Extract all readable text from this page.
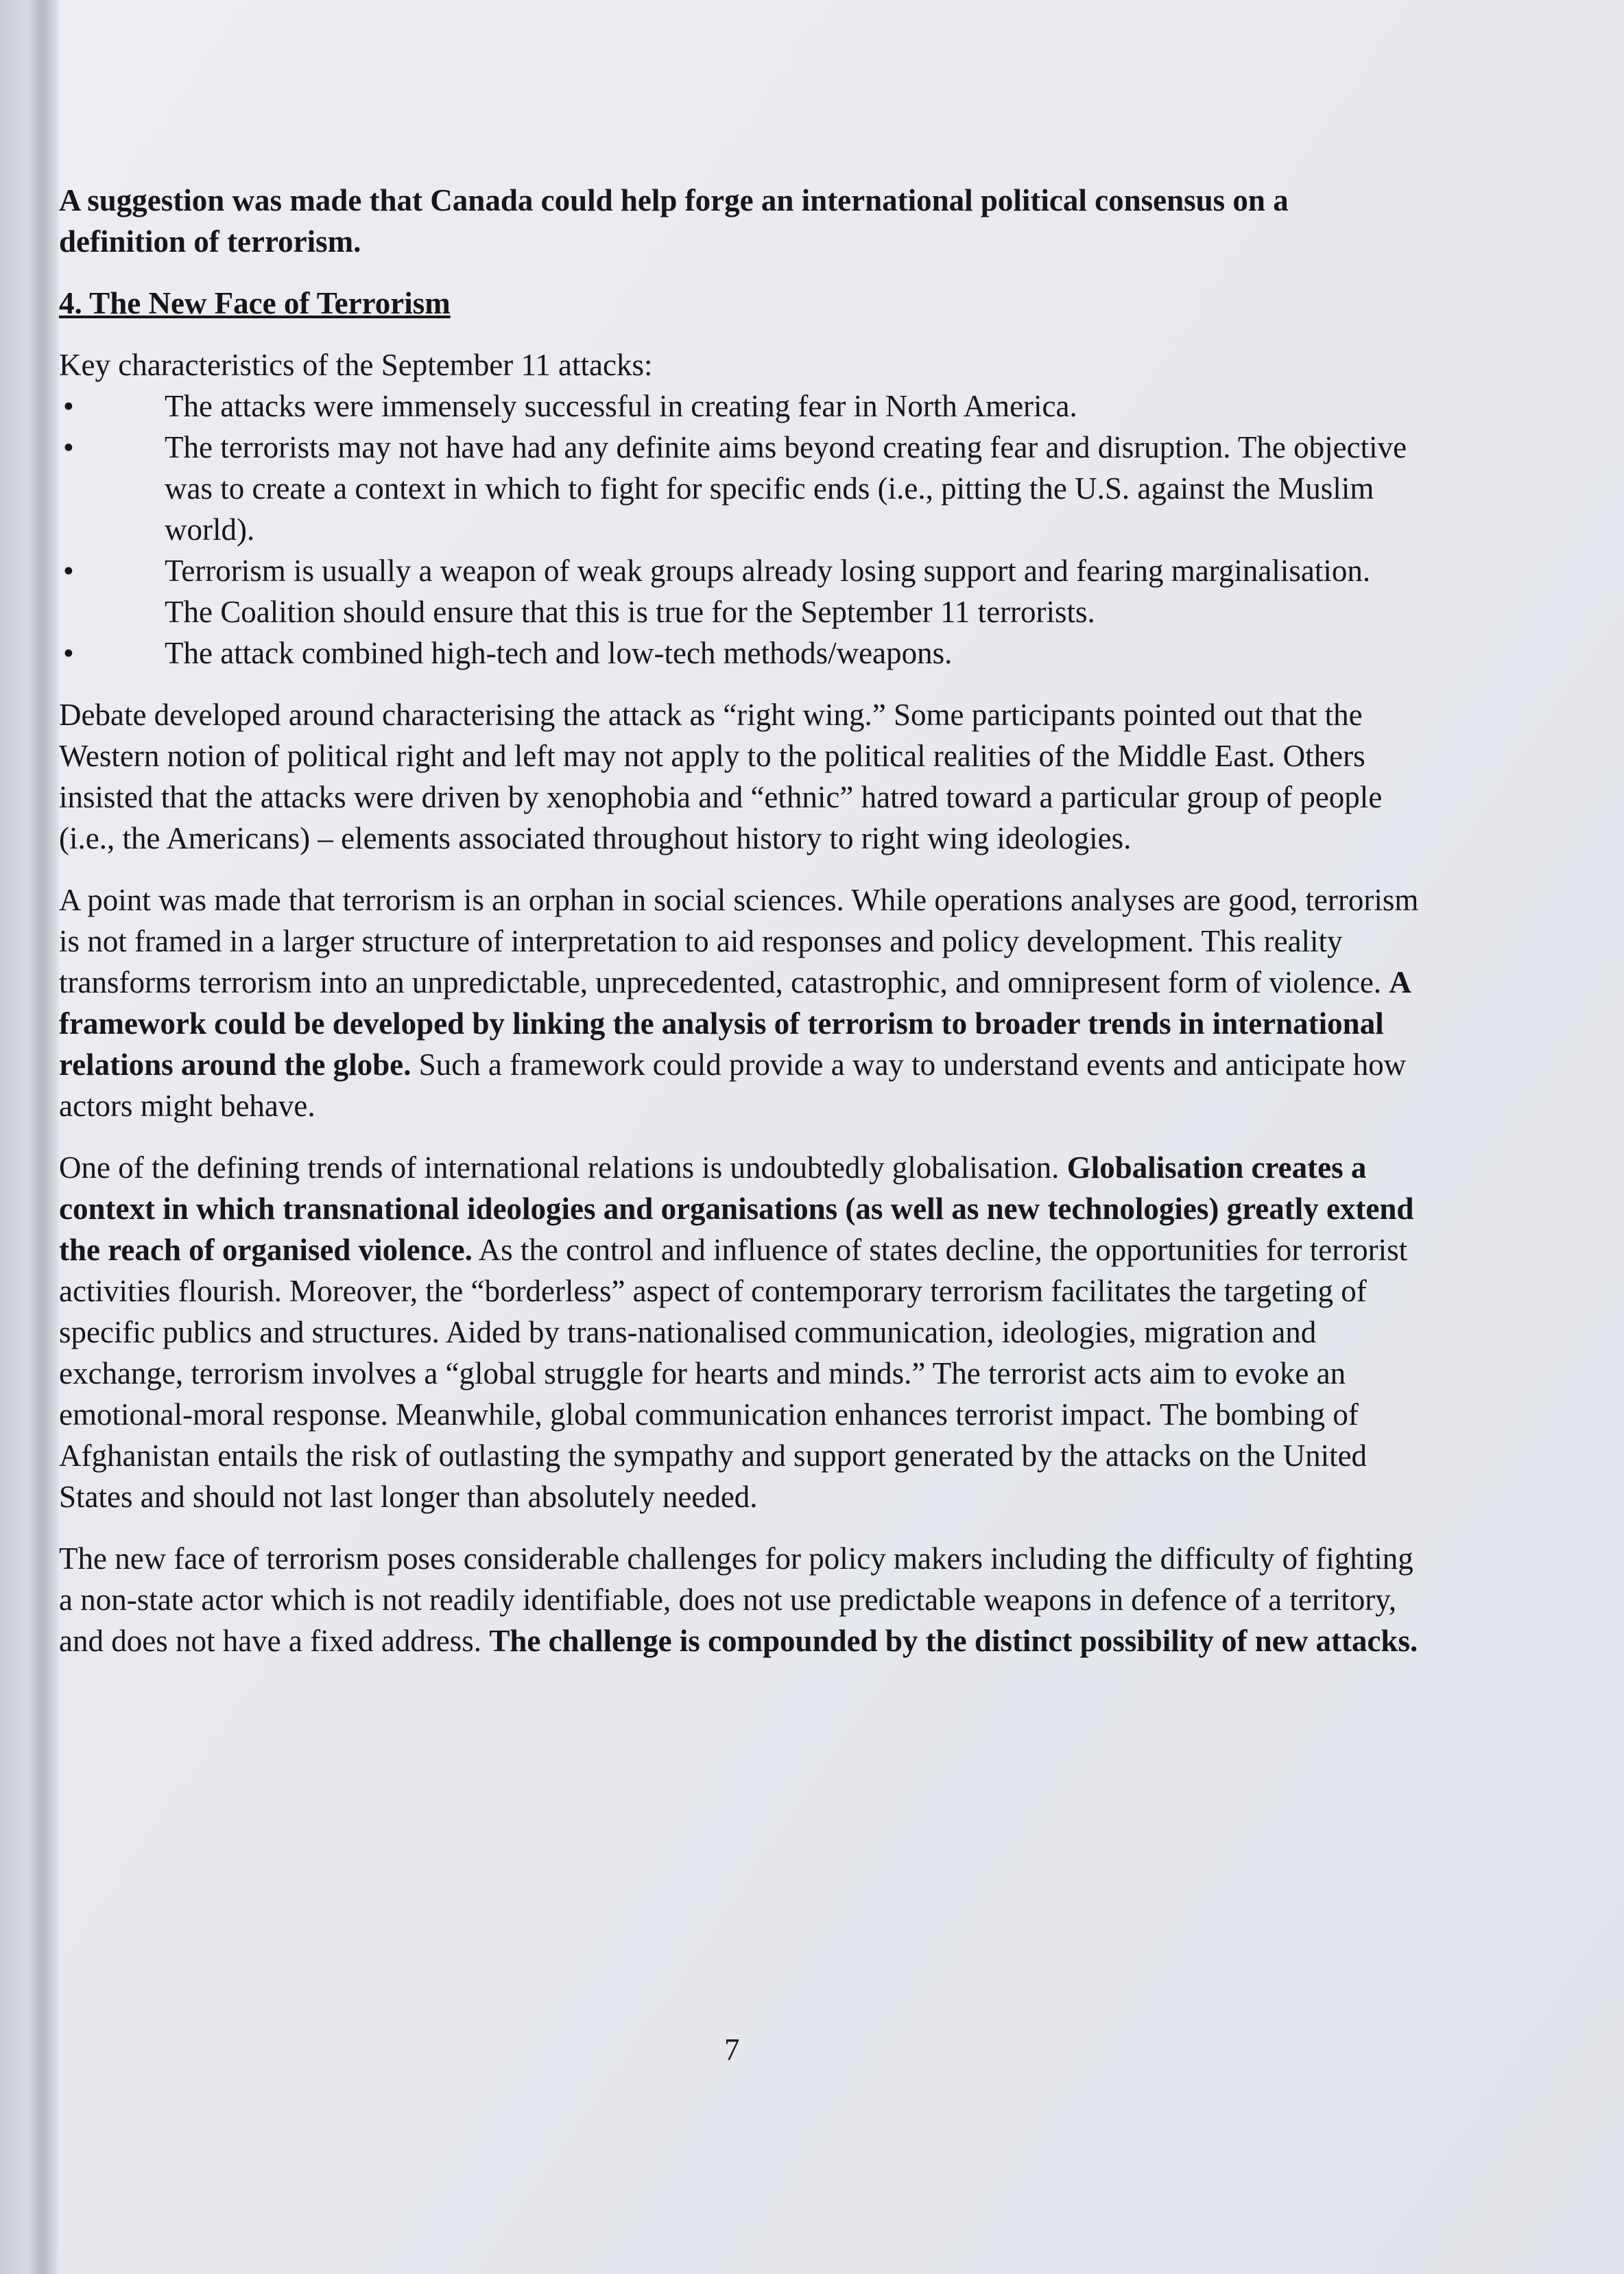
A suggestion was made that Canada could help forge an international political consensus on a definition of terrorism.

4. The New Face of Terrorism

Key characteristics of the September 11 attacks:

•	The attacks were immensely successful in creating fear in North America.
•	The terrorists may not have had any definite aims beyond creating fear and disruption. The objective was to create a context in which to fight for specific ends (i.e., pitting the U.S. against the Muslim world).
•	Terrorism is usually a weapon of weak groups already losing support and fearing marginalisation. The Coalition should ensure that this is true for the September 11 terrorists.
•	The attack combined high-tech and low-tech methods/weapons.

Debate developed around characterising the attack as “right wing.” Some participants pointed out that the Western notion of political right and left may not apply to the political realities of the Middle East. Others insisted that the attacks were driven by xenophobia and “ethnic” hatred toward a particular group of people (i.e., the Americans) – elements associated throughout history to right wing ideologies.

A point was made that terrorism is an orphan in social sciences. While operations analyses are good, terrorism is not framed in a larger structure of interpretation to aid responses and policy development. This reality transforms terrorism into an unpredictable, unprecedented, catastrophic, and omnipresent form of violence. A framework could be developed by linking the analysis of terrorism to broader trends in international relations around the globe. Such a framework could provide a way to understand events and anticipate how actors might behave.

One of the defining trends of international relations is undoubtedly globalisation. Globalisation creates a context in which transnational ideologies and organisations (as well as new technologies) greatly extend the reach of organised violence. As the control and influence of states decline, the opportunities for terrorist activities flourish. Moreover, the “borderless” aspect of contemporary terrorism facilitates the targeting of specific publics and structures. Aided by trans-nationalised communication, ideologies, migration and exchange, terrorism involves a “global struggle for hearts and minds.” The terrorist acts aim to evoke an emotional-moral response. Meanwhile, global communication enhances terrorist impact. The bombing of Afghanistan entails the risk of outlasting the sympathy and support generated by the attacks on the United States and should not last longer than absolutely needed.

The new face of terrorism poses considerable challenges for policy makers including the difficulty of fighting a non-state actor which is not readily identifiable, does not use predictable weapons in defence of a territory, and does not have a fixed address. The challenge is compounded by the distinct possibility of new attacks.

7
